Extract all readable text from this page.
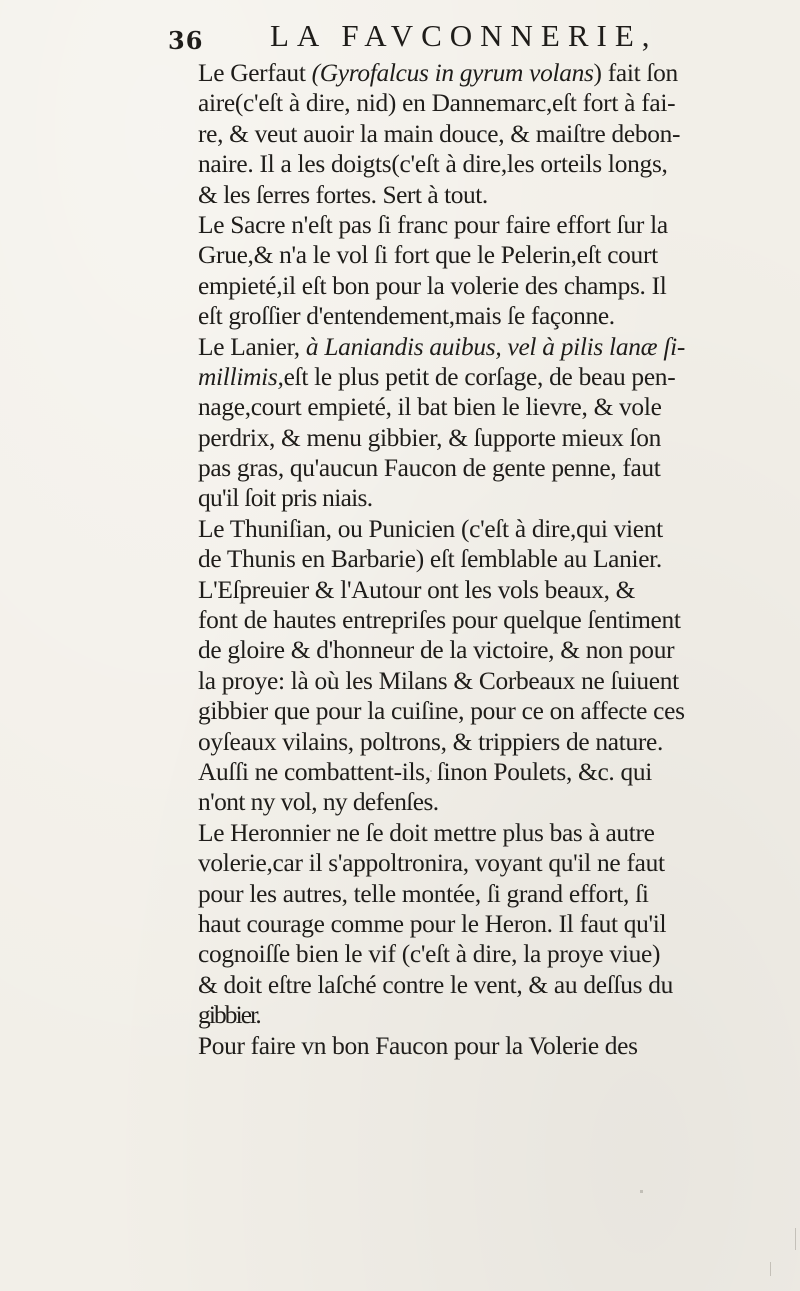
36 LA FAVCONNERIE,
Le Gerfaut (Gyrofalcus in gyrum volans) fait ſon
aire(c'eſt à dire, nid) en Dannemarc,eſt fort à fai-
re, & veut auoir la main douce, & maiſtre debon-
naire. Il a les doigts(c'eſt à dire,les orteils longs,
& les ſerres fortes. Sert à tout.
Le Sacre n'eſt pas ſi franc pour faire effort ſur la
Grue,& n'a le vol ſi fort que le Pelerin,eſt court
empieté,il eſt bon pour la volerie des champs. Il
eſt groſſier d'entendement,mais ſe façonne.
Le Lanier, à Laniandis auibus, vel à pilis lanæ ſi-
millimis,eſt le plus petit de corſage, de beau pen-
nage,court empieté, il bat bien le lievre, & vole
perdrix, & menu gibbier, & ſupporte mieux ſon
pas gras, qu'aucun Faucon de gente penne, faut
qu'il ſoit pris niais.
Le Thuniſian, ou Punicien (c'eſt à dire,qui vient
de Thunis en Barbarie) eſt ſemblable au Lanier.
L'Eſpreuier & l'Autour ont les vols beaux, &
font de hautes entrepriſes pour quelque ſentiment
de gloire & d'honneur de la victoire, & non pour
la proye: là où les Milans & Corbeaux ne ſuiuent
gibbier que pour la cuiſine, pour ce on affecte ces
oyſeaux vilains, poltrons, & trippiers de nature.
Auſſi ne combattent-ils, ſinon Poulets, &c. qui
n'ont ny vol, ny defenſes.
Le Heronnier ne ſe doit mettre plus bas à autre
volerie,car il s'appoltronira, voyant qu'il ne faut
pour les autres, telle montée, ſi grand effort, ſi
haut courage comme pour le Heron. Il faut qu'il
cognoiſſe bien le vif (c'eſt à dire, la proye viue)
& doit eſtre laſché contre le vent, & au deſſus du
gibbier.
Pour faire vn bon Faucon pour la Volerie des
